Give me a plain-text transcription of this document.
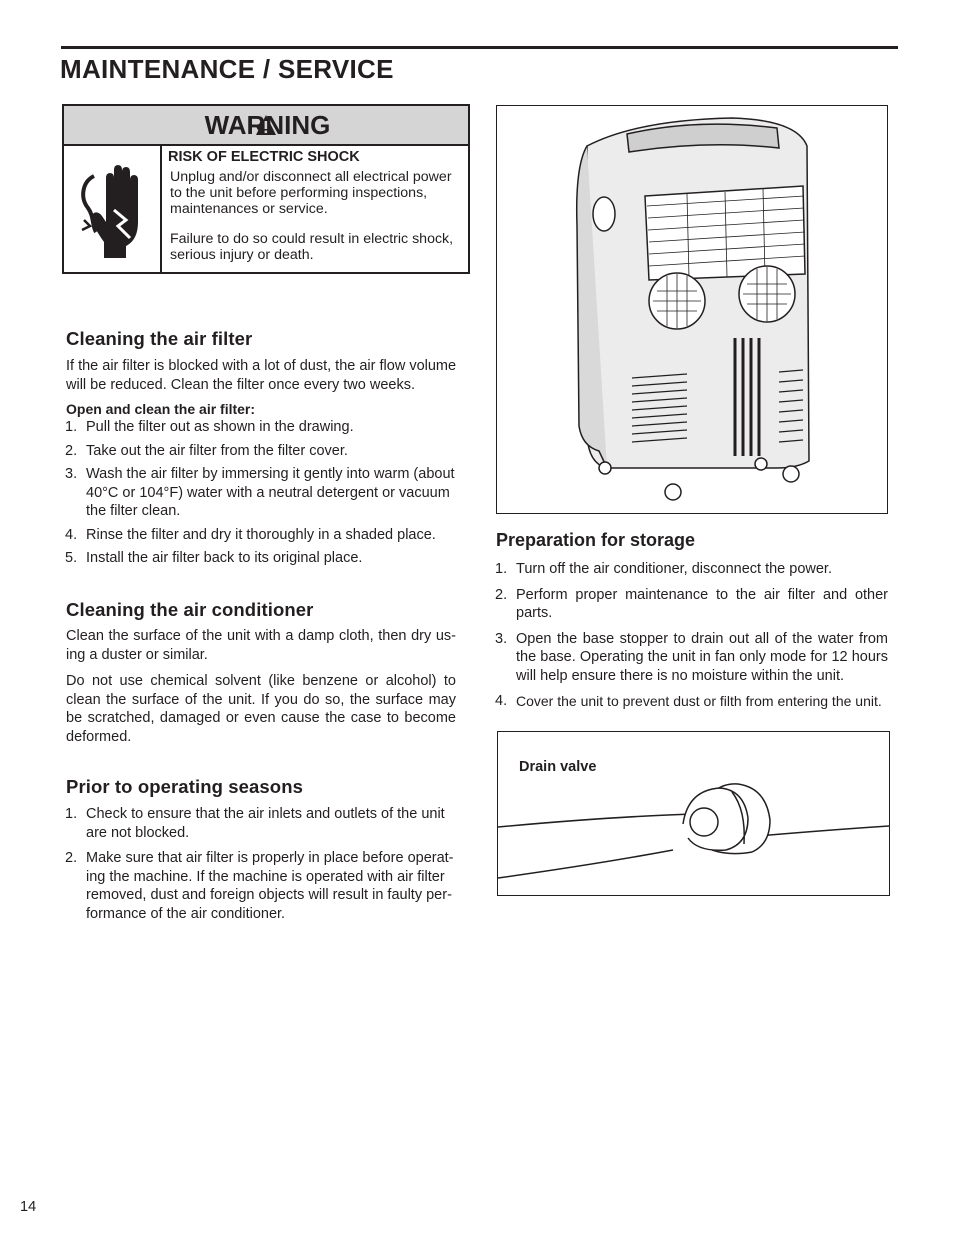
MAINTENANCE / SERVICE
WARNING
RISK OF ELECTRIC SHOCK

Unplug and/or disconnect all electrical power to the unit before performing inspections, maintenances or service.

Failure to do so could result in electric shock, serious injury or death.

Cleaning the air filter

If the air filter is blocked with a lot of dust, the air flow volume will be reduced. Clean the filter once every two weeks.

Open and clean the air filter:

1. Pull the filter out as shown in the drawing.
2. Take out the air filter from the filter cover.
3. Wash the air filter by immersing it gently into warm (about 40°C or 104°F) water with a neutral detergent or vacuum the filter clean.
4. Rinse the filter and dry it thoroughly in a shaded place.
5. Install the air filter back to its original place.
Cleaning the air conditioner

Clean the surface of the unit with a damp cloth, then dry us-ing a duster or similar.

Do not use chemical solvent (like benzene or alcohol) to clean the surface of the unit. If you do so, the surface may be scratched, damaged or even cause the case to become deformed.

Prior to operating seasons
1. Check to ensure that the air inlets and outlets of the unit are not blocked.
2. Make sure that air filter is properly in place before operat-ing the machine. If the machine is operated with air filter removed, dust and foreign objects will result in faulty per-formance of the air conditioner.
Preparation for storage
1. Turn off the air conditioner, disconnect the power.
2. Perform proper maintenance to the air filter and other parts.
3. Open the base stopper to drain out all of the water from the base. Operating the unit in fan only mode for 12 hours will help ensure there is no moisture within the unit.
4. Cover the unit to prevent dust or filth from entering the unit.
Drain valve
14
